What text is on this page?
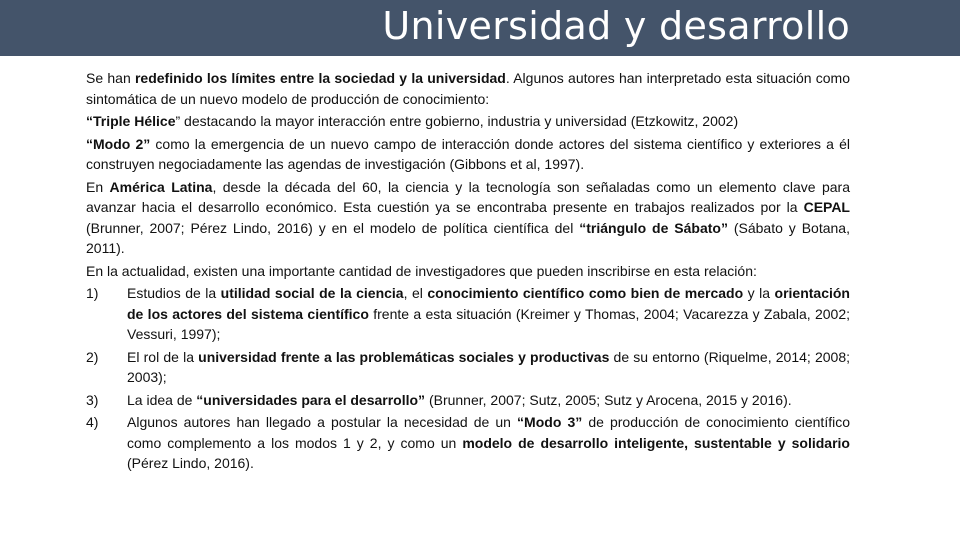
Universidad y desarrollo

Se han redefinido los límites entre la sociedad y la universidad. Algunos autores han interpretado esta situación como sintomática de un nuevo modelo de producción de conocimiento:

“Triple Hélice” destacando la mayor interacción entre gobierno, industria y universidad (Etzkowitz, 2002)

“Modo 2” como la emergencia de un nuevo campo de interacción donde actores del sistema científico y exteriores a él construyen negociadamente las agendas de investigación (Gibbons et al, 1997).

En América Latina, desde la década del 60, la ciencia y la tecnología son señaladas como un elemento clave para avanzar hacia el desarrollo económico. Esta cuestión ya se encontraba presente en trabajos realizados por la CEPAL (Brunner, 2007; Pérez Lindo, 2016) y en el modelo de política científica del “triángulo de Sábato” (Sábato y Botana, 2011).

En la actualidad, existen una importante cantidad de investigadores que pueden inscribirse en esta relación:

1)	Estudios de la utilidad social de la ciencia, el conocimiento científico como bien de mercado y la orientación de los actores del sistema científico frente a esta situación (Kreimer y Thomas, 2004; Vacarezza y Zabala, 2002; Vessuri, 1997);
2)	El rol de la universidad frente a las problemáticas sociales y productivas de su entorno (Riquelme, 2014; 2008; 2003);
3)	La idea de “universidades para el desarrollo” (Brunner, 2007; Sutz, 2005; Sutz y Arocena, 2015 y 2016).
4)	Algunos autores han llegado a postular la necesidad de un “Modo 3” de producción de conocimiento científico como complemento a los modos 1 y 2, y como un modelo de desarrollo inteligente, sustentable y solidario (Pérez Lindo, 2016).
